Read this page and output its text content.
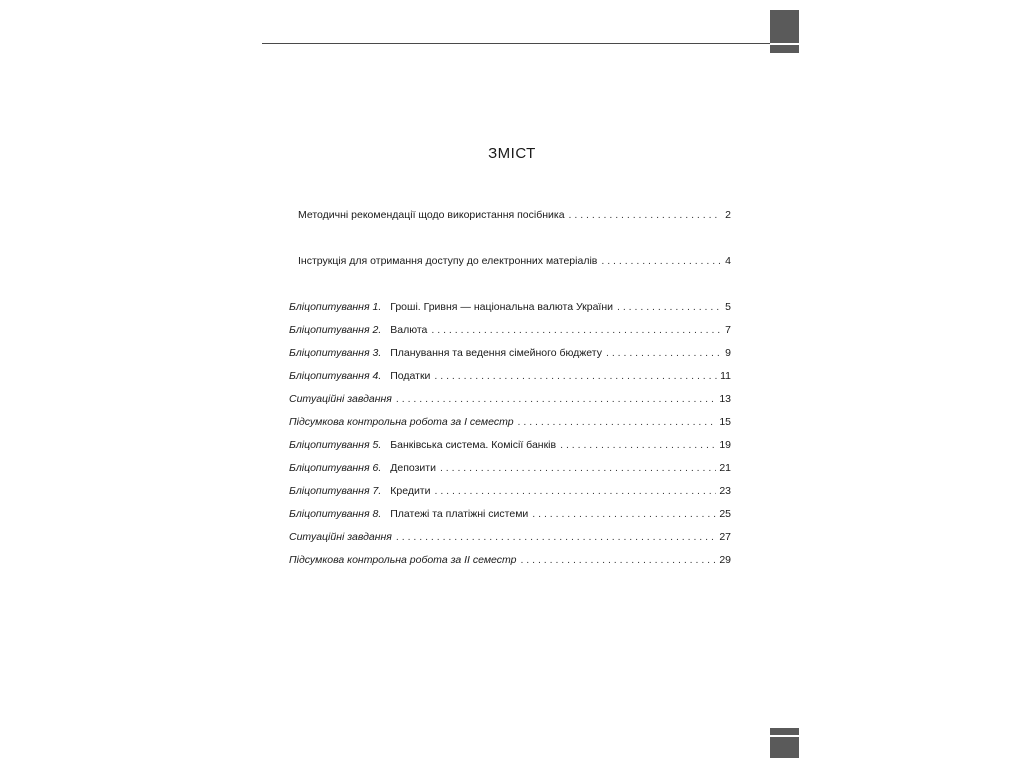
ЗМІСТ
Методичні рекомендації щодо використання посібника . . .	2
Інструкція для отримання доступу до електронних матеріалів . . .	4
Бліцопитування 1. Гроші. Гривня — національна валюта України . . .	5
Бліцопитування 2. Валюта . . .	7
Бліцопитування 3. Планування та ведення сімейного бюджету . . .	9
Бліцопитування 4. Податки . . .	11
Ситуаційні завдання . . .	13
Підсумкова контрольна робота за І семестр . . .	15
Бліцопитування 5. Банківська система. Комісії банків . . .	19
Бліцопитування 6. Депозити . . .	21
Бліцопитування 7. Кредити . . .	23
Бліцопитування 8. Платежі та платіжні системи . . .	25
Ситуаційні завдання . . .	27
Підсумкова контрольна робота за ІІ семестр . . .	29
